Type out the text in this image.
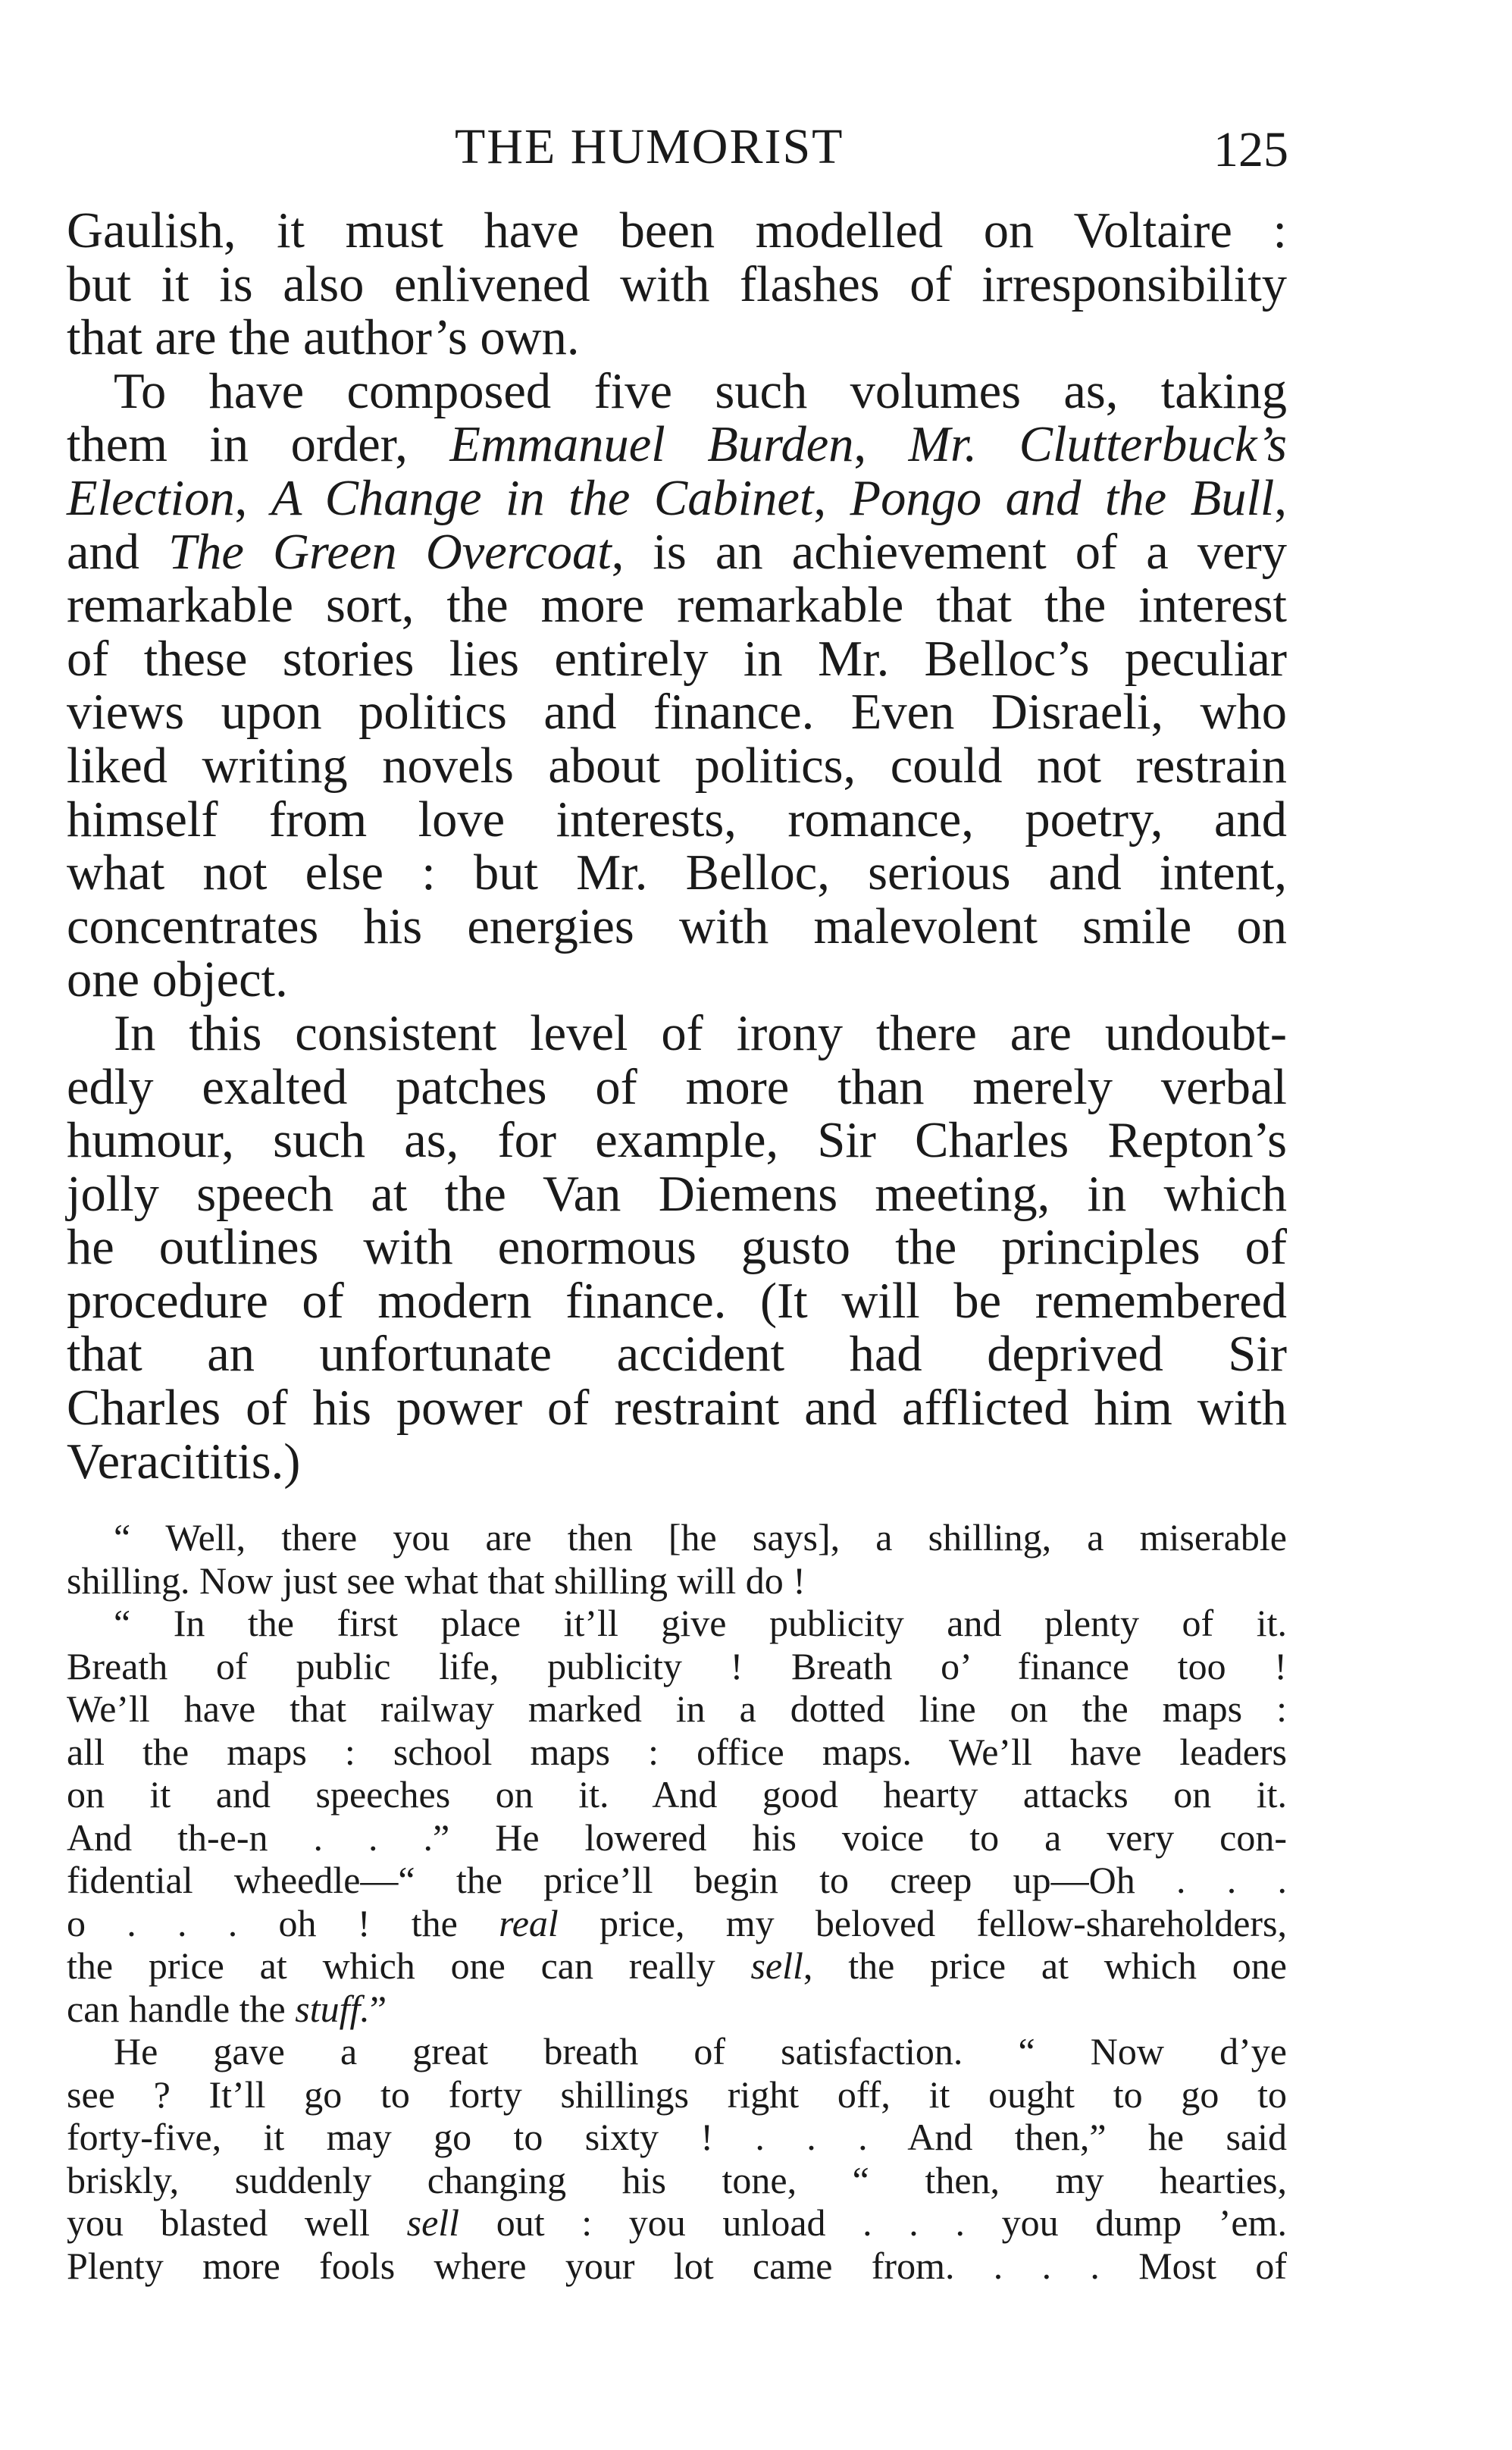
THE HUMORIST	125
Gaulish, it must have been modelled on Voltaire :
but it is also enlivened with flashes of irresponsibility
that are the author’s own.
To have composed five such volumes as, taking
them in order, Emmanuel Burden, Mr. Clutterbuck’s
Election, A Change in the Cabinet, Pongo and the Bull,
and The Green Overcoat, is an achievement of a very
remarkable sort, the more remarkable that the interest
of these stories lies entirely in Mr. Belloc’s peculiar
views upon politics and finance. Even Disraeli, who
liked writing novels about politics, could not restrain
himself from love interests, romance, poetry, and
what not else : but Mr. Belloc, serious and intent,
concentrates his energies with malevolent smile on
one object.
In this consistent level of irony there are undoubt-
edly exalted patches of more than merely verbal
humour, such as, for example, Sir Charles Repton’s
jolly speech at the Van Diemens meeting, in which
he outlines with enormous gusto the principles of
procedure of modern finance. (It will be remembered
that an unfortunate accident had deprived Sir
Charles of his power of restraint and afflicted him with
Veracititis.)
“ Well, there you are then [he says], a shilling, a miserable
shilling. Now just see what that shilling will do !
“ In the first place it’ll give publicity and plenty of it.
Breath of public life, publicity ! Breath o’ finance too !
We’ll have that railway marked in a dotted line on the maps :
all the maps : school maps : office maps. We’ll have leaders
on it and speeches on it. And good hearty attacks on it.
And th-e-n . . .” He lowered his voice to a very con-
fidential wheedle—“ the price’ll begin to creep up—Oh . . .
o . . . oh ! the real price, my beloved fellow-shareholders,
the price at which one can really sell, the price at which one
can handle the stuff.”
He gave a great breath of satisfaction. “ Now d’ye
see ? It’ll go to forty shillings right off, it ought to go to
forty-five, it may go to sixty ! . . . And then,” he said
briskly, suddenly changing his tone, “ then, my hearties,
you blasted well sell out : you unload . . . you dump ’em.
Plenty more fools where your lot came from. . . . Most of
